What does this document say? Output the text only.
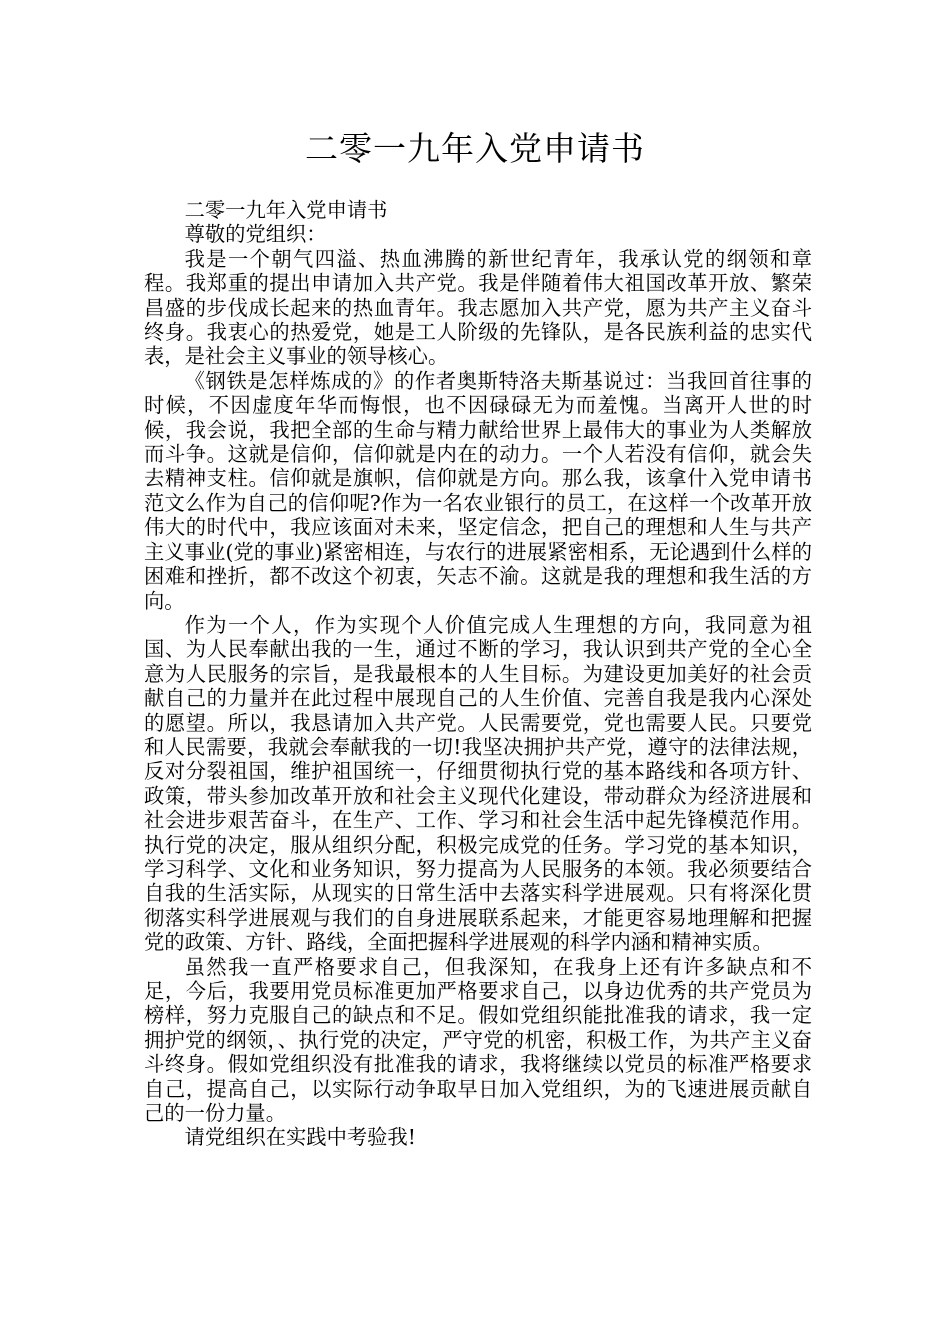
二零一九年入党申请书

二零一九年入党申请书

尊敬的党组织：

我是一个朝气四溢、热血沸腾的新世纪青年，我承认党的纲领和章程。我郑重的提出申请加入共产党。我是伴随着伟大祖国改革开放、繁荣昌盛的步伐成长起来的热血青年。我志愿加入共产党，愿为共产主义奋斗终身。我衷心的热爱党，她是工人阶级的先锋队，是各民族利益的忠实代表，是社会主义事业的领导核心。

《钢铁是怎样炼成的》的作者奥斯特洛夫斯基说过：当我回首往事的时候，不因虚度年华而悔恨，也不因碌碌无为而羞愧。当离开人世的时候，我会说，我把全部的生命与精力献给世界上最伟大的事业为人类解放而斗争。这就是信仰，信仰就是内在的动力。一个人若没有信仰，就会失去精神支柱。信仰就是旗帜，信仰就是方向。那么我，该拿什入党申请书范文么作为自己的信仰呢?作为一名农业银行的员工，在这样一个改革开放伟大的时代中，我应该面对未来，坚定信念，把自己的理想和人生与共产主义事业(党的事业)紧密相连，与农行的进展紧密相系，无论遇到什么样的困难和挫折，都不改这个初衷，矢志不渝。这就是我的理想和我生活的方向。

作为一个人，作为实现个人价值完成人生理想的方向，我同意为祖国、为人民奉献出我的一生，通过不断的学习，我认识到共产党的全心全意为人民服务的宗旨，是我最根本的人生目标。为建设更加美好的社会贡献自己的力量并在此过程中展现自己的人生价值、完善自我是我内心深处的愿望。所以，我恳请加入共产党。人民需要党，党也需要人民。只要党和人民需要，我就会奉献我的一切!我坚决拥护共产党，遵守的法律法规，反对分裂祖国，维护祖国统一，仔细贯彻执行党的基本路线和各项方针、政策，带头参加改革开放和社会主义现代化建设，带动群众为经济进展和社会进步艰苦奋斗，在生产、工作、学习和社会生活中起先锋模范作用。执行党的决定，服从组织分配，积极完成党的任务。学习党的基本知识，学习科学、文化和业务知识，努力提高为人民服务的本领。我必须要结合自我的生活实际，从现实的日常生活中去落实科学进展观。只有将深化贯彻落实科学进展观与我们的自身进展联系起来，才能更容易地理解和把握党的政策、方针、路线，全面把握科学进展观的科学内涵和精神实质。

虽然我一直严格要求自己，但我深知，在我身上还有许多缺点和不足，今后，我要用党员标准更加严格要求自己，以身边优秀的共产党员为榜样，努力克服自己的缺点和不足。假如党组织能批准我的请求，我一定拥护党的纲领，、执行党的决定，严守党的机密，积极工作，为共产主义奋斗终身。假如党组织没有批准我的请求，我将继续以党员的标准严格要求自己，提高自己，以实际行动争取早日加入党组织，为的飞速进展贡献自己的一份力量。

请党组织在实践中考验我!
